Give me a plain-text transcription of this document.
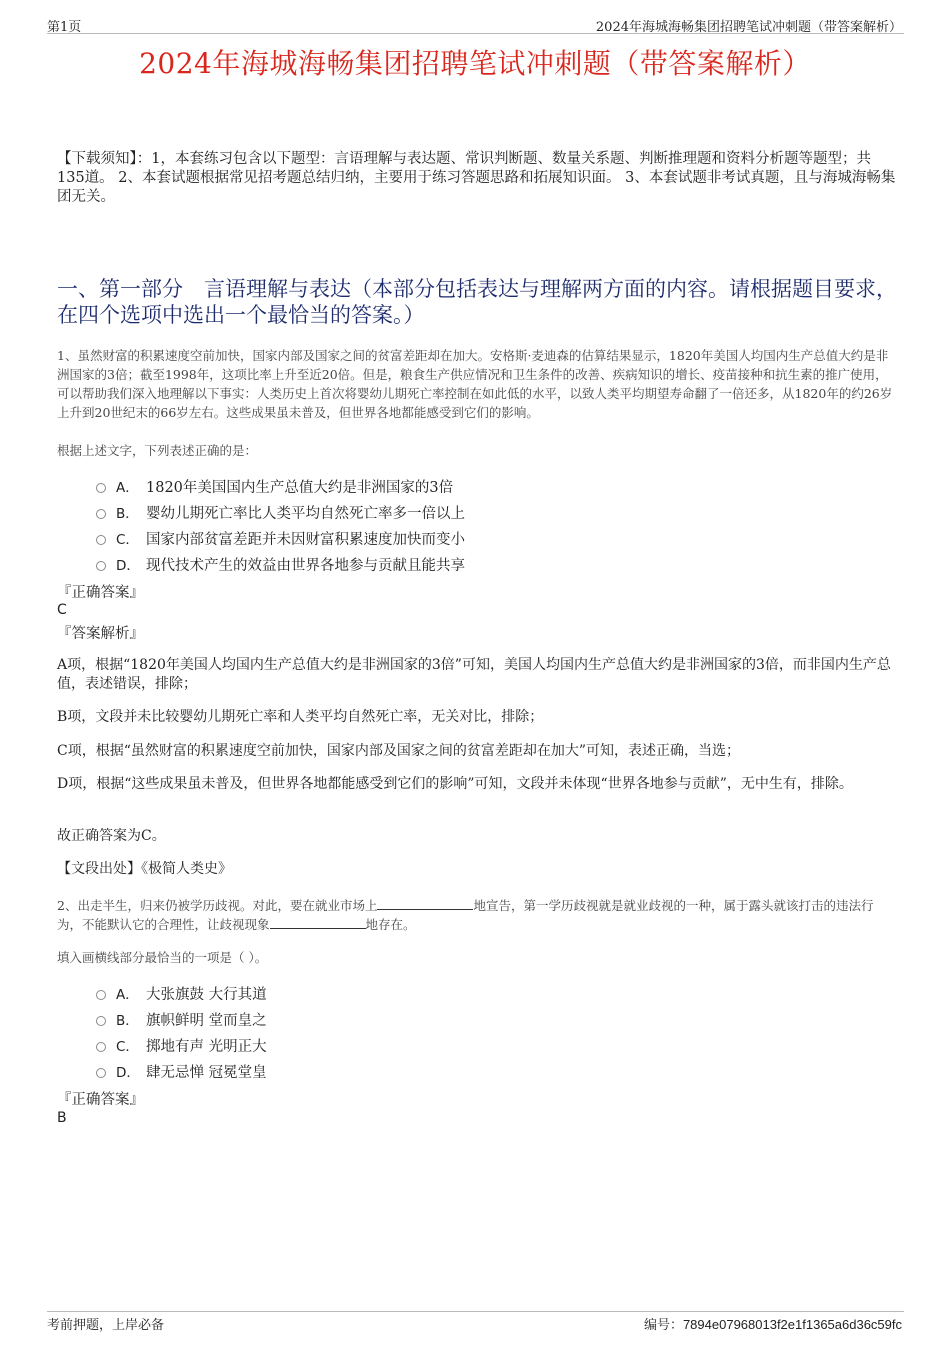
第1页	2024年海城海畅集团招聘笔试冲刺题（带答案解析）
2024年海城海畅集团招聘笔试冲刺题（带答案解析）
【下载须知】：1，本套练习包含以下题型：言语理解与表达题、常识判断题、数量关系题、判断推理题和资料分析题等题型；共135道。 2、本套试题根据常见招考题总结归纳，主要用于练习答题思路和拓展知识面。 3、本套试题非考试真题，且与海城海畅集团无关。
一、第一部分　言语理解与表达（本部分包括表达与理解两方面的内容。请根据题目要求，在四个选项中选出一个最恰当的答案。）
1、虽然财富的积累速度空前加快，国家内部及国家之间的贫富差距却在加大。安格斯·麦迪森的估算结果显示，1820年美国人均国内生产总值大约是非洲国家的3倍；截至1998年，这项比率上升至近20倍。但是，粮食生产供应情况和卫生条件的改善、疾病知识的增长、疫苗接种和抗生素的推广使用，可以帮助我们深入地理解以下事实：人类历史上首次将婴幼儿期死亡率控制在如此低的水平，以致人类平均期望寿命翻了一倍还多，从1820年的约26岁上升到20世纪末的66岁左右。这些成果虽未普及，但世界各地都能感受到它们的影响。
根据上述文字，下列表述正确的是：
A． 1820年美国国内生产总值大约是非洲国家的3倍
B． 婴幼儿期死亡率比人类平均自然死亡率多一倍以上
C． 国家内部贫富差距并未因财富积累速度加快而变小
D． 现代技术产生的效益由世界各地参与贡献且能共享
『正确答案』
C
『答案解析』
A项，根据“1820年美国人均国内生产总值大约是非洲国家的3倍”可知，美国人均国内生产总值大约是非洲国家的3倍，而非国内生产总值，表述错误，排除；
B项，文段并未比较婴幼儿期死亡率和人类平均自然死亡率，无关对比，排除；
C项，根据“虽然财富的积累速度空前加快，国家内部及国家之间的贫富差距却在加大”可知，表述正确，当选；
D项，根据“这些成果虽未普及，但世界各地都能感受到它们的影响”可知，文段并未体现“世界各地参与贡献”，无中生有，排除。
故正确答案为C。
【文段出处】《极简人类史》
2、出走半生，归来仍被学历歧视。对此，要在就业市场上	地宣告，第一学历歧视就是就业歧视的一种，属于露头就该打击的违法行为，不能默认它的合理性，让歧视现象	地存在。
填入画横线部分最恰当的一项是（ ）。
A． 大张旗鼓 大行其道
B． 旗帜鲜明 堂而皇之
C． 掷地有声 光明正大
D． 肆无忌惮 冠冕堂皇
『正确答案』
B
考前押题，上岸必备	编号：7894e07968013f2e1f1365a6d36c59fc
